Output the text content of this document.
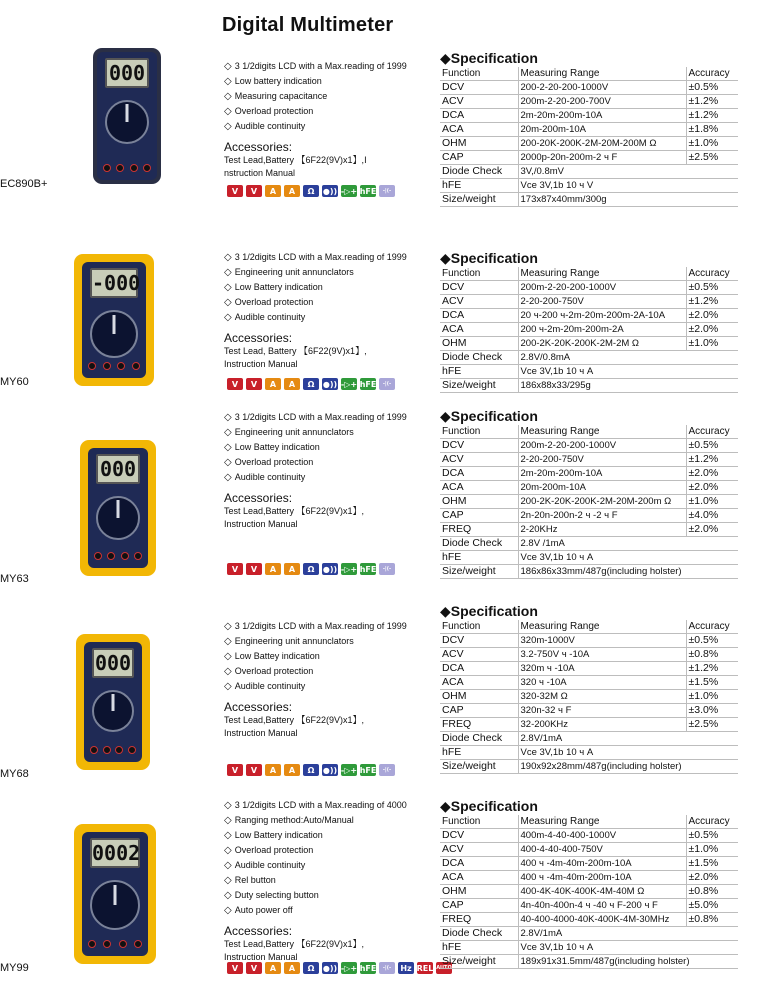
Digital Multimeter
EC890B+
000	◇ 3 1/2digits LCD with a Max.reading of 1999
◇ Low battery indication
◇ Measuring capacitance
◇ Overload protection
◇ Audible continuity
Accessories:
Test Lead,Battery 【6F22(9V)x1】,I
nstruction Manual
V	V	A	A	Ω	●)) -▷+ hFE	-|(-
◆Specification
Function	Measuring Range	Accuracy
DCV	200-2-20-200-1000V	±0.5%
ACV	200m-2-20-200-700V	±1.2%
DCA	2m-20m-200m-10A	±1.2%
ACA	20m-200m-10A	±1.8%
OHM	200-20K-200K-2M-20M-200M Ω	±1.0%
CAP	2000p-20n-200m-2 ч F	±2.5%
Diode Check	3V,/0.8mV	
hFE	Vce 3V,1b 10 ч V	
Size/weight	173x87x40mm/300g	
MY60
-000
◇ 3 1/2digits LCD with a Max.reading of 1999
◇ Engineering unit annunclators
◇ Low Battery indication
◇ Overload protection
◇ Audible continuity
Accessories:
Test Lead, Battery 【6F22(9V)x1】,
Instruction Manual
V	V	A	A	Ω	●)) -▷+ hFE	-|(-
◆Specification
Function	Measuring Range	Accuracy
DCV	200m-2-20-200-1000V	±0.5%
ACV	2-20-200-750V	±1.2%
DCA	20 ч-200 ч-2m-20m-200m-2A-10A	±2.0%
ACA	200 ч-2m-20m-200m-2A	±2.0%
OHM	200-2K-20K-200K-2M-2M Ω	±1.0%
Diode Check	2.8V/0.8mA	
hFE	Vce 3V,1b 10 ч A	
Size/weight	186x88x33/295g	
MY63
000
◇ 3 1/2digits LCD with a Max.reading of 1999
◇ Engineering unit annunclators
◇ Low Battey indication
◇ Overload protection
◇ Audible continuity
Accessories:
Test Lead,Battery 【6F22(9V)x1】,
Instruction Manual
V	V	A	A	Ω	●)) -▷+ hFE	-|(-
◆Specification
Function	Measuring Range	Accuracy
DCV	200m-2-20-200-1000V	±0.5%
ACV	2-20-200-750V	±1.2%
DCA	2m-20m-200m-10A	±2.0%
ACA	20m-200m-10A	±2.0%
OHM	200-2K-20K-200K-2M-20M-200m Ω	±1.0%
CAP	2n-20n-200n-2 ч -2 ч F	±4.0%
FREQ	2-20KHz	±2.0%
Diode Check	2.8V /1mA	
hFE	Vce 3V,1b 10 ч A	
Size/weight	186x86x33mm/487g(including holster)	
MY68
000
◇ 3 1/2digits LCD with a Max.reading of 1999
◇ Engineering unit annunclators
◇ Low Battey indication
◇ Overload protection
◇ Audible continuity
Accessories:
Test Lead,Battery 【6F22(9V)x1】,
Instruction Manual
V	V	A	A	Ω	●)) -▷+ hFE	-|(-
◆Specification
Function	Measuring Range	Accuracy
DCV	320m-1000V	±0.5%
ACV	3.2-750V ч -10A	±0.8%
DCA	320m ч -10A	±1.2%
ACA	320 ч -10A	±1.5%
OHM	320-32M Ω	±1.0%
CAP	320n-32 ч F	±3.0%
FREQ	32-200KHz	±2.5%
Diode Check	2.8V/1mA	
hFE	Vce 3V,1b 10 ч A	
Size/weight	190x92x28mm/487g(including holster)	
MY99
0002
◇ 3 1/2digits LCD with a Max.reading of 4000
◇ Ranging method:Auto/Manual
◇ Low Battery indication
◇ Overload protection
◇ Audible continuity
◇ Rel button
◇ Duty selecting button
◇ Auto power off
Accessories:
Test Lead,Battery 【6F22(9V)x1】,
Instruction Manual
V	V	A	A	Ω	●)) -▷+ hFE	-|(-	Hz REL AUTO
◆Specification
Function	Measuring Range	Accuracy
DCV	400m-4-40-400-1000V	±0.5%
ACV	400-4-40-400-750V	±1.0%
DCA	400 ч -4m-40m-200m-10A	±1.5%
ACA	400 ч -4m-40m-200m-10A	±2.0%
OHM	400-4K-40K-400K-4M-40M Ω	±0.8%
CAP	4n-40n-400n-4 ч -40 ч F-200 ч F	±5.0%
FREQ	40-400-4000-40K-400K-4M-30MHz	±0.8%
Diode Check	2.8V/1mA	
hFE	Vce 3V,1b 10 ч A	
Size/weight	189x91x31.5mm/487g(including holster)	
